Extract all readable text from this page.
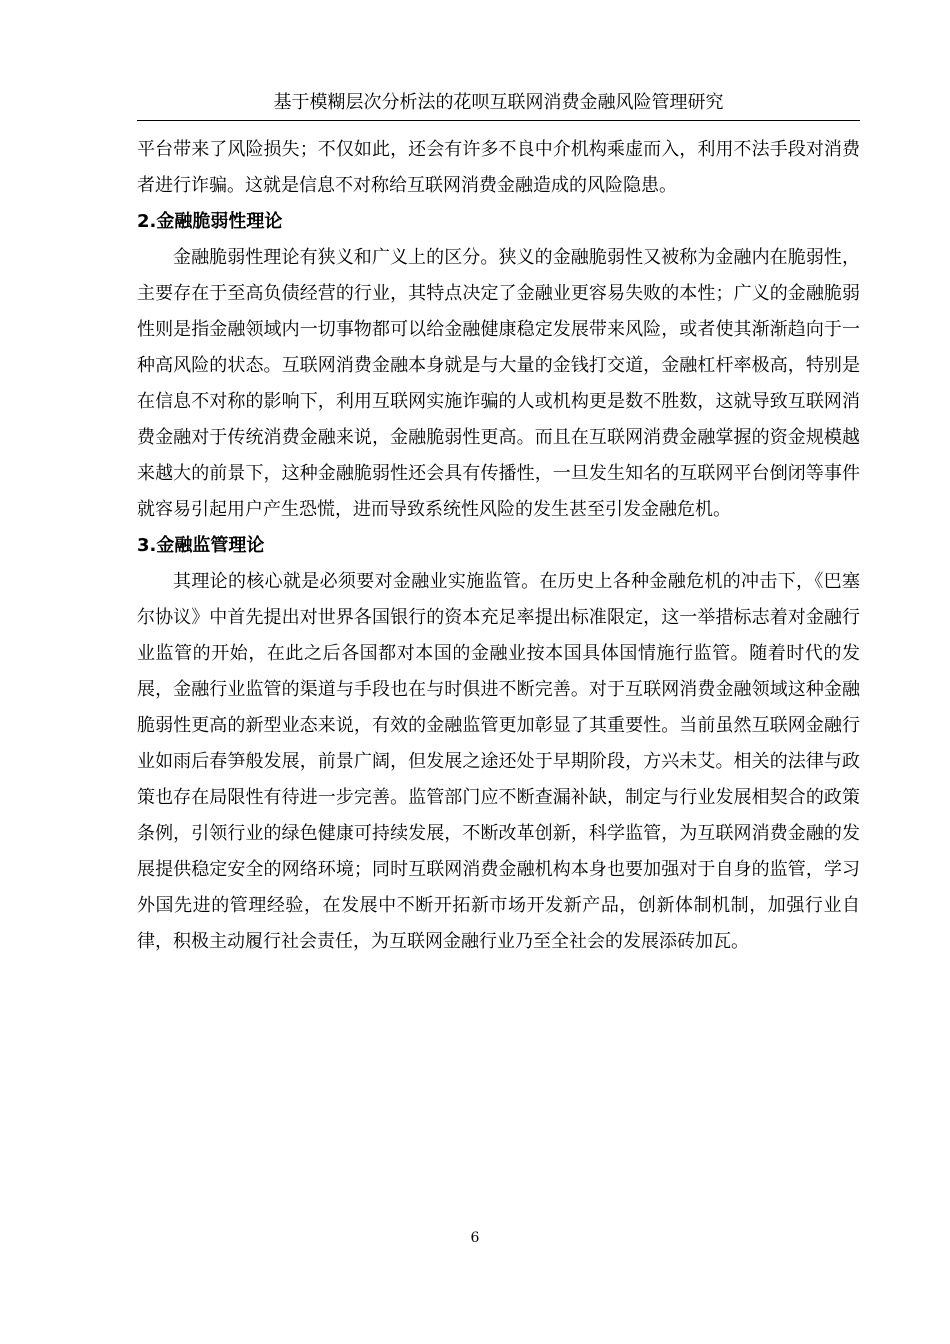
基于模糊层次分析法的花呗互联网消费金融风险管理研究

平台带来了风险损失；不仅如此，还会有许多不良中介机构乘虚而入，利用不法手段对消费者进行诈骗。这就是信息不对称给互联网消费金融造成的风险隐患。

2.金融脆弱性理论

金融脆弱性理论有狭义和广义上的区分。狭义的金融脆弱性又被称为金融内在脆弱性，主要存在于至高负债经营的行业，其特点决定了金融业更容易失败的本性；广义的金融脆弱性则是指金融领域内一切事物都可以给金融健康稳定发展带来风险，或者使其渐渐趋向于一种高风险的状态。互联网消费金融本身就是与大量的金钱打交道，金融杠杆率极高，特别是在信息不对称的影响下，利用互联网实施诈骗的人或机构更是数不胜数，这就导致互联网消费金融对于传统消费金融来说，金融脆弱性更高。而且在互联网消费金融掌握的资金规模越来越大的前景下，这种金融脆弱性还会具有传播性，一旦发生知名的互联网平台倒闭等事件就容易引起用户产生恐慌，进而导致系统性风险的发生甚至引发金融危机。

3.金融监管理论

其理论的核心就是必须要对金融业实施监管。在历史上各种金融危机的冲击下，《巴塞尔协议》中首先提出对世界各国银行的资本充足率提出标准限定，这一举措标志着对金融行业监管的开始，在此之后各国都对本国的金融业按本国具体国情施行监管。随着时代的发展，金融行业监管的渠道与手段也在与时俱进不断完善。对于互联网消费金融领域这种金融脆弱性更高的新型业态来说，有效的金融监管更加彰显了其重要性。当前虽然互联网金融行业如雨后春笋般发展，前景广阔，但发展之途还处于早期阶段，方兴未艾。相关的法律与政策也存在局限性有待进一步完善。监管部门应不断查漏补缺，制定与行业发展相契合的政策条例，引领行业的绿色健康可持续发展，不断改革创新，科学监管，为互联网消费金融的发展提供稳定安全的网络环境；同时互联网消费金融机构本身也要加强对于自身的监管，学习外国先进的管理经验，在发展中不断开拓新市场开发新产品，创新体制机制，加强行业自律，积极主动履行社会责任，为互联网金融行业乃至全社会的发展添砖加瓦。

6
